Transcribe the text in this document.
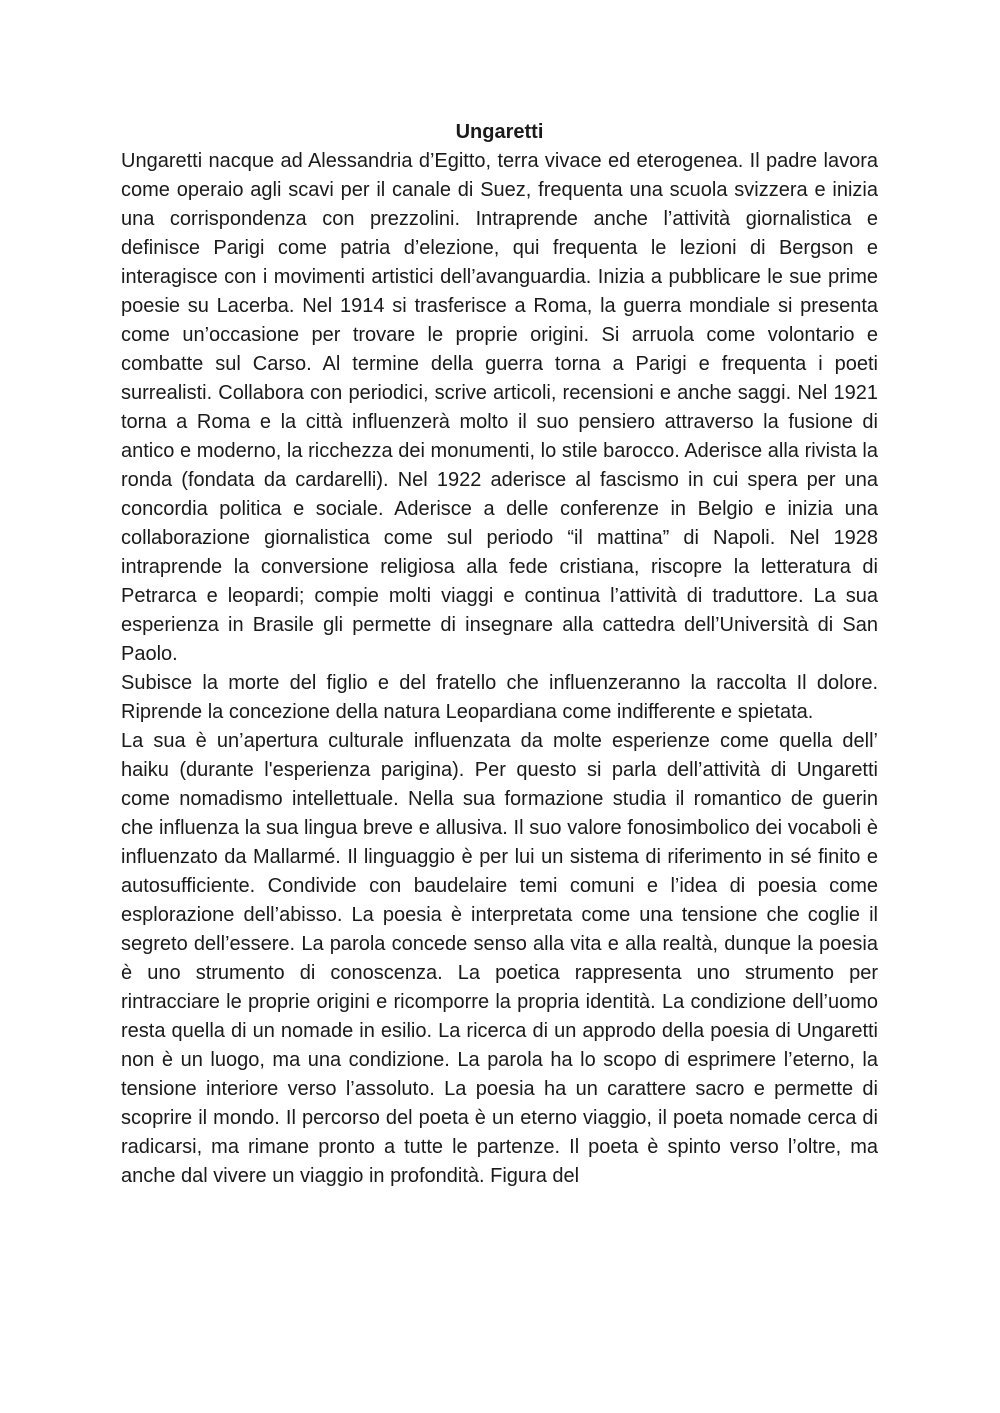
Ungaretti

Ungaretti nacque ad Alessandria d’Egitto, terra vivace ed eterogenea. Il padre lavora come operaio agli scavi per il canale di Suez, frequenta una scuola svizzera e inizia una corrispondenza con prezzolini. Intraprende anche l’attività giornalistica e definisce Parigi come patria d’elezione, qui frequenta le lezioni di Bergson e interagisce con i movimenti artistici dell’avanguardia. Inizia a pubblicare le sue prime poesie su Lacerba. Nel 1914 si trasferisce a Roma, la guerra mondiale si presenta come un’occasione per trovare le proprie origini. Si arruola come volontario e combatte sul Carso. Al termine della guerra torna a Parigi e frequenta i poeti surrealisti. Collabora con periodici, scrive articoli, recensioni e anche saggi. Nel 1921 torna a Roma e la città influenzerà molto il suo pensiero attraverso la fusione di antico e moderno, la ricchezza dei monumenti, lo stile barocco. Aderisce alla rivista la ronda (fondata da cardarelli). Nel 1922 aderisce al fascismo in cui spera per una concordia politica e sociale. Aderisce a delle conferenze in Belgio e inizia una collaborazione giornalistica come sul periodo “il mattina” di Napoli. Nel 1928 intraprende la conversione religiosa alla fede cristiana, riscopre la letteratura di Petrarca e leopardi; compie molti viaggi e continua l’attività di traduttore. La sua esperienza in Brasile gli permette di insegnare alla cattedra dell’Università di San Paolo.

Subisce la morte del figlio e del fratello che influenzeranno la raccolta Il dolore. Riprende la concezione della natura Leopardiana come indifferente e spietata.

La sua è un’apertura culturale influenzata da molte esperienze come quella dell’ haiku (durante l'esperienza parigina). Per questo si parla dell’attività di Ungaretti come nomadismo intellettuale. Nella sua formazione studia il romantico de guerin che influenza la sua lingua breve e allusiva. Il suo valore fonosimbolico dei vocaboli è influenzato da Mallarmé. Il linguaggio è per lui un sistema di riferimento in sé finito e autosufficiente. Condivide con baudelaire temi comuni e l’idea di poesia come esplorazione dell’abisso. La poesia è interpretata come una tensione che coglie il segreto dell’essere. La parola concede senso alla vita e alla realtà, dunque la poesia è uno strumento di conoscenza. La poetica rappresenta uno strumento per rintracciare le proprie origini e ricomporre la propria identità. La condizione dell’uomo resta quella di un nomade in esilio. La ricerca di un approdo della poesia di Ungaretti non è un luogo, ma una condizione. La parola ha lo scopo di esprimere l’eterno, la tensione interiore verso l’assoluto. La poesia ha un carattere sacro e permette di scoprire il mondo. Il percorso del poeta è un eterno viaggio, il poeta nomade cerca di radicarsi, ma rimane pronto a tutte le partenze. Il poeta è spinto verso l’oltre, ma anche dal vivere un viaggio in profondità. Figura del
